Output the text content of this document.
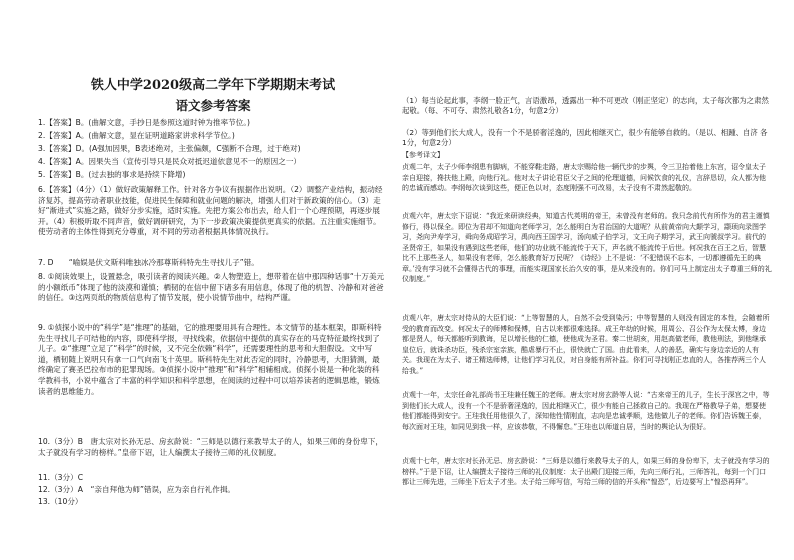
铁人中学2020级高二学年下学期期末考试
语文参考答案

1.【答案】B。(曲解文意，手抄日是参照这道时钟为推率节位。)

2.【答案】A。(曲解文意，显在证明道路家讲求科学节位。)

3.【答案】D。(A强加因果，B表述绝对，主张偏颇，C强断不合理，过于绝对)

4.【答案】A。因果失当（宣传引导只是民众对抵迟道依意见不一的原因之一）

5.【答案】B。(过去独的事求是持续下降增)

6.【答案】（4分）（1）做好政策解释工作。针对各方争议有振据作出说明。（2）调整产业结构，振动经济复苏，提高劳动者职业技能，促进民生保障和就业问题的解决，增强人们对于新政策的信心。（3）走好“渐进式”实施之路，做好分步实施，适时实施。先把方案公布出去，给人们一个心理预期，再逐步展开。（4）积极听取不同声音，做好调研研究，为下一步政策决策提供更真实的依据。五注重实施细节。使劳动者的主体性得到充分尊重，对不同的劳动者根据具体情况执行。

7. D　　“喻娱是伏文斯科唯独冰冷那尊斯科特先生寻找儿子”错。

8. ①阅读效果上，设置悬念，吸引读者的阅读兴趣。②人物塑造上，想带着在信中那四种话事“十万美元的小额纸币”体现了他的淡漠和谨慎；栖韧的在信中留下诸多有用信息，体现了他的机智、冷静和对爸爸的信任。③这两页纸的物质信息构了情节发展，使小说情节曲中，结构严谨。

9. ①侦探小说中的“科学”是“推理”的基础，它的推理要用具有合理性。本文情节的基本框架，即斯科特先生寻找儿子可结他的内容，即使科学报，寻找线索，依据信中提供的真实存在的马克特征最终找到了儿子。②“推理”立足了“科学”的时候，又不完全依赖“科学”，还需要理性的思考和大胆假设。文中写道，栖韧随上说明只有拿一口气向南飞十英里。斯科特先生对此否定的同时，冷静思考，大胆猜测，最终确定了赛圣巴拉布市的犯罪现场。③侦探小说中“推理”和“科学”相辅相成。侦探小说是一种化装的科学教科书，小说中蕴含了丰富的科学知识和科学思想，在阅读的过程中可以培养读者的逻辑思维，锻炼读者的思维能力。

10.（3分）B　唐太宗对长孙无忌、房玄龄说：“三师是以德行来教导太子的人，如果三师的身份卑下，太子就没有学习的榜样。”皇帝下诏，让人编撰太子接待三师的礼仪制度。

11.（3分）C

12.（3分）A　“亲自拜他为师”错误，应为亲自行礼作揖。

13.（10分）

（1）每当论起此事，李纲一脸正气，言语激昂，透露出一种不可更改（刚正坚定）的志向，太子每次都为之肃然起敬。（每、不可夺、肃然礼敬各1分，句意2分）

（2）等到他们长大成人，没有一个不是骄奢淫逸的，因此相继灭亡，很少有能够自救的。（是以、相踵、自济 各1分，句意2分）

【参考译文】

贞观二年，太子少师李纲患有脚病，不能穿鞋走路，唐太宗赐给他一辆代步的步舆，令三卫抬着他上东宫，诏令皇太子亲自迎接，搀扶他上殿，向他行礼。他对太子讲论君臣父子之间的伦理道德，问候饮食的礼仪，言辞恳切，众人都为他的忠诚而感动。李纲每次谈到这些，便正色以对，态度刚强不可改易，太子没有不肃然起敬的。

贞观六年，唐太宗下诏说：“我近来研读经典，知道古代英明的帝王，未曾没有老师的。我只念前代有所作为的君主谨慎修行，得以保全。即位为君却不知道向老师学习，怎么能明白为君治国的大道呢？从前黄帝向大颠学习，颛顼向录图学习，尧向尹寿学习，舜向务成昭学习，禹向西王国学习，汤向威子伯学习，文王向子期学习，武王向虢叔学习。前代的圣贤帝王，如果没有遇到这些老师，他们的功业就不能流传于天下，声名就不能流传于后世。何况我在百王之后，智慧比不上那些圣人，如果没有老师，怎么能教育好万民呢？《诗经》上不是说：‘不犯错误不忘本，一切都遵循先王的典章。’没有学习就不会懂得古代的事理，而能实现国家长治久安的事，是从来没有的。你们可马上制定出太子尊重三师的礼仪制度。”

贞观八年，唐太宗对侍从的大臣们说：“上等智慧的人，自然不会受到染污；中等智慧的人则没有固定的本性，会随着所受的教育而改变。何况太子的师傅和保傅，自古以来都很难选择。成王年幼的时候，用周公、召公作为太保太傅，身边都是贤人，每天都能听到教诲，足以增长他的仁德，使他成为圣君。秦二世胡亥，用赵高做老师，教他刑法，到他继承皇位后，就诛杀功臣，残杀宗室亲族，酷虐暴行不止，很快就亡了国。由此看来，人的善恶，确实与身边亲近的人有关。我现在为太子、诸王精选师傅，让他们学习礼仪，对自身能有所补益。你们可寻找刚正忠直的人，各推荐两三个人给我。”

贞观十一年，太宗任命礼部尚书王珪兼任魏王的老师。唐太宗对房玄龄等人说：“古来帝王的儿子，生长于深宫之中，等到他们长大成人，没有一个不是骄奢淫逸的，因此相继灭亡，很少有能自己拯救自己的。我现在严格教导子弟，想要使他们都能得到安宁。王珪我任用他很久了，深知他性情刚直，志向是忠诚孝顺，选他做儿子的老师。你们告诉魏王泰，每次面对王珪，如同见到我一样，应该恭敬，不得懈怠。”王珪也以师道自居，当时的舆论认为很好。

贞观十七年，唐太宗对长孙无忌、房玄龄说：“三师是以德行来教导太子的人，如果三师的身份卑下，太子就没有学习的榜样。”于是下诏，让人编撰太子接待三师的礼仪制度：太子出殿门迎接三师，先向三师行礼，三师答礼，每到一个门口都让三师先进，三师坐下后太子才坐。太子给三师写信，写给三师的信的开头称“惶恐”，后边要写上“惶恐再拜”。
